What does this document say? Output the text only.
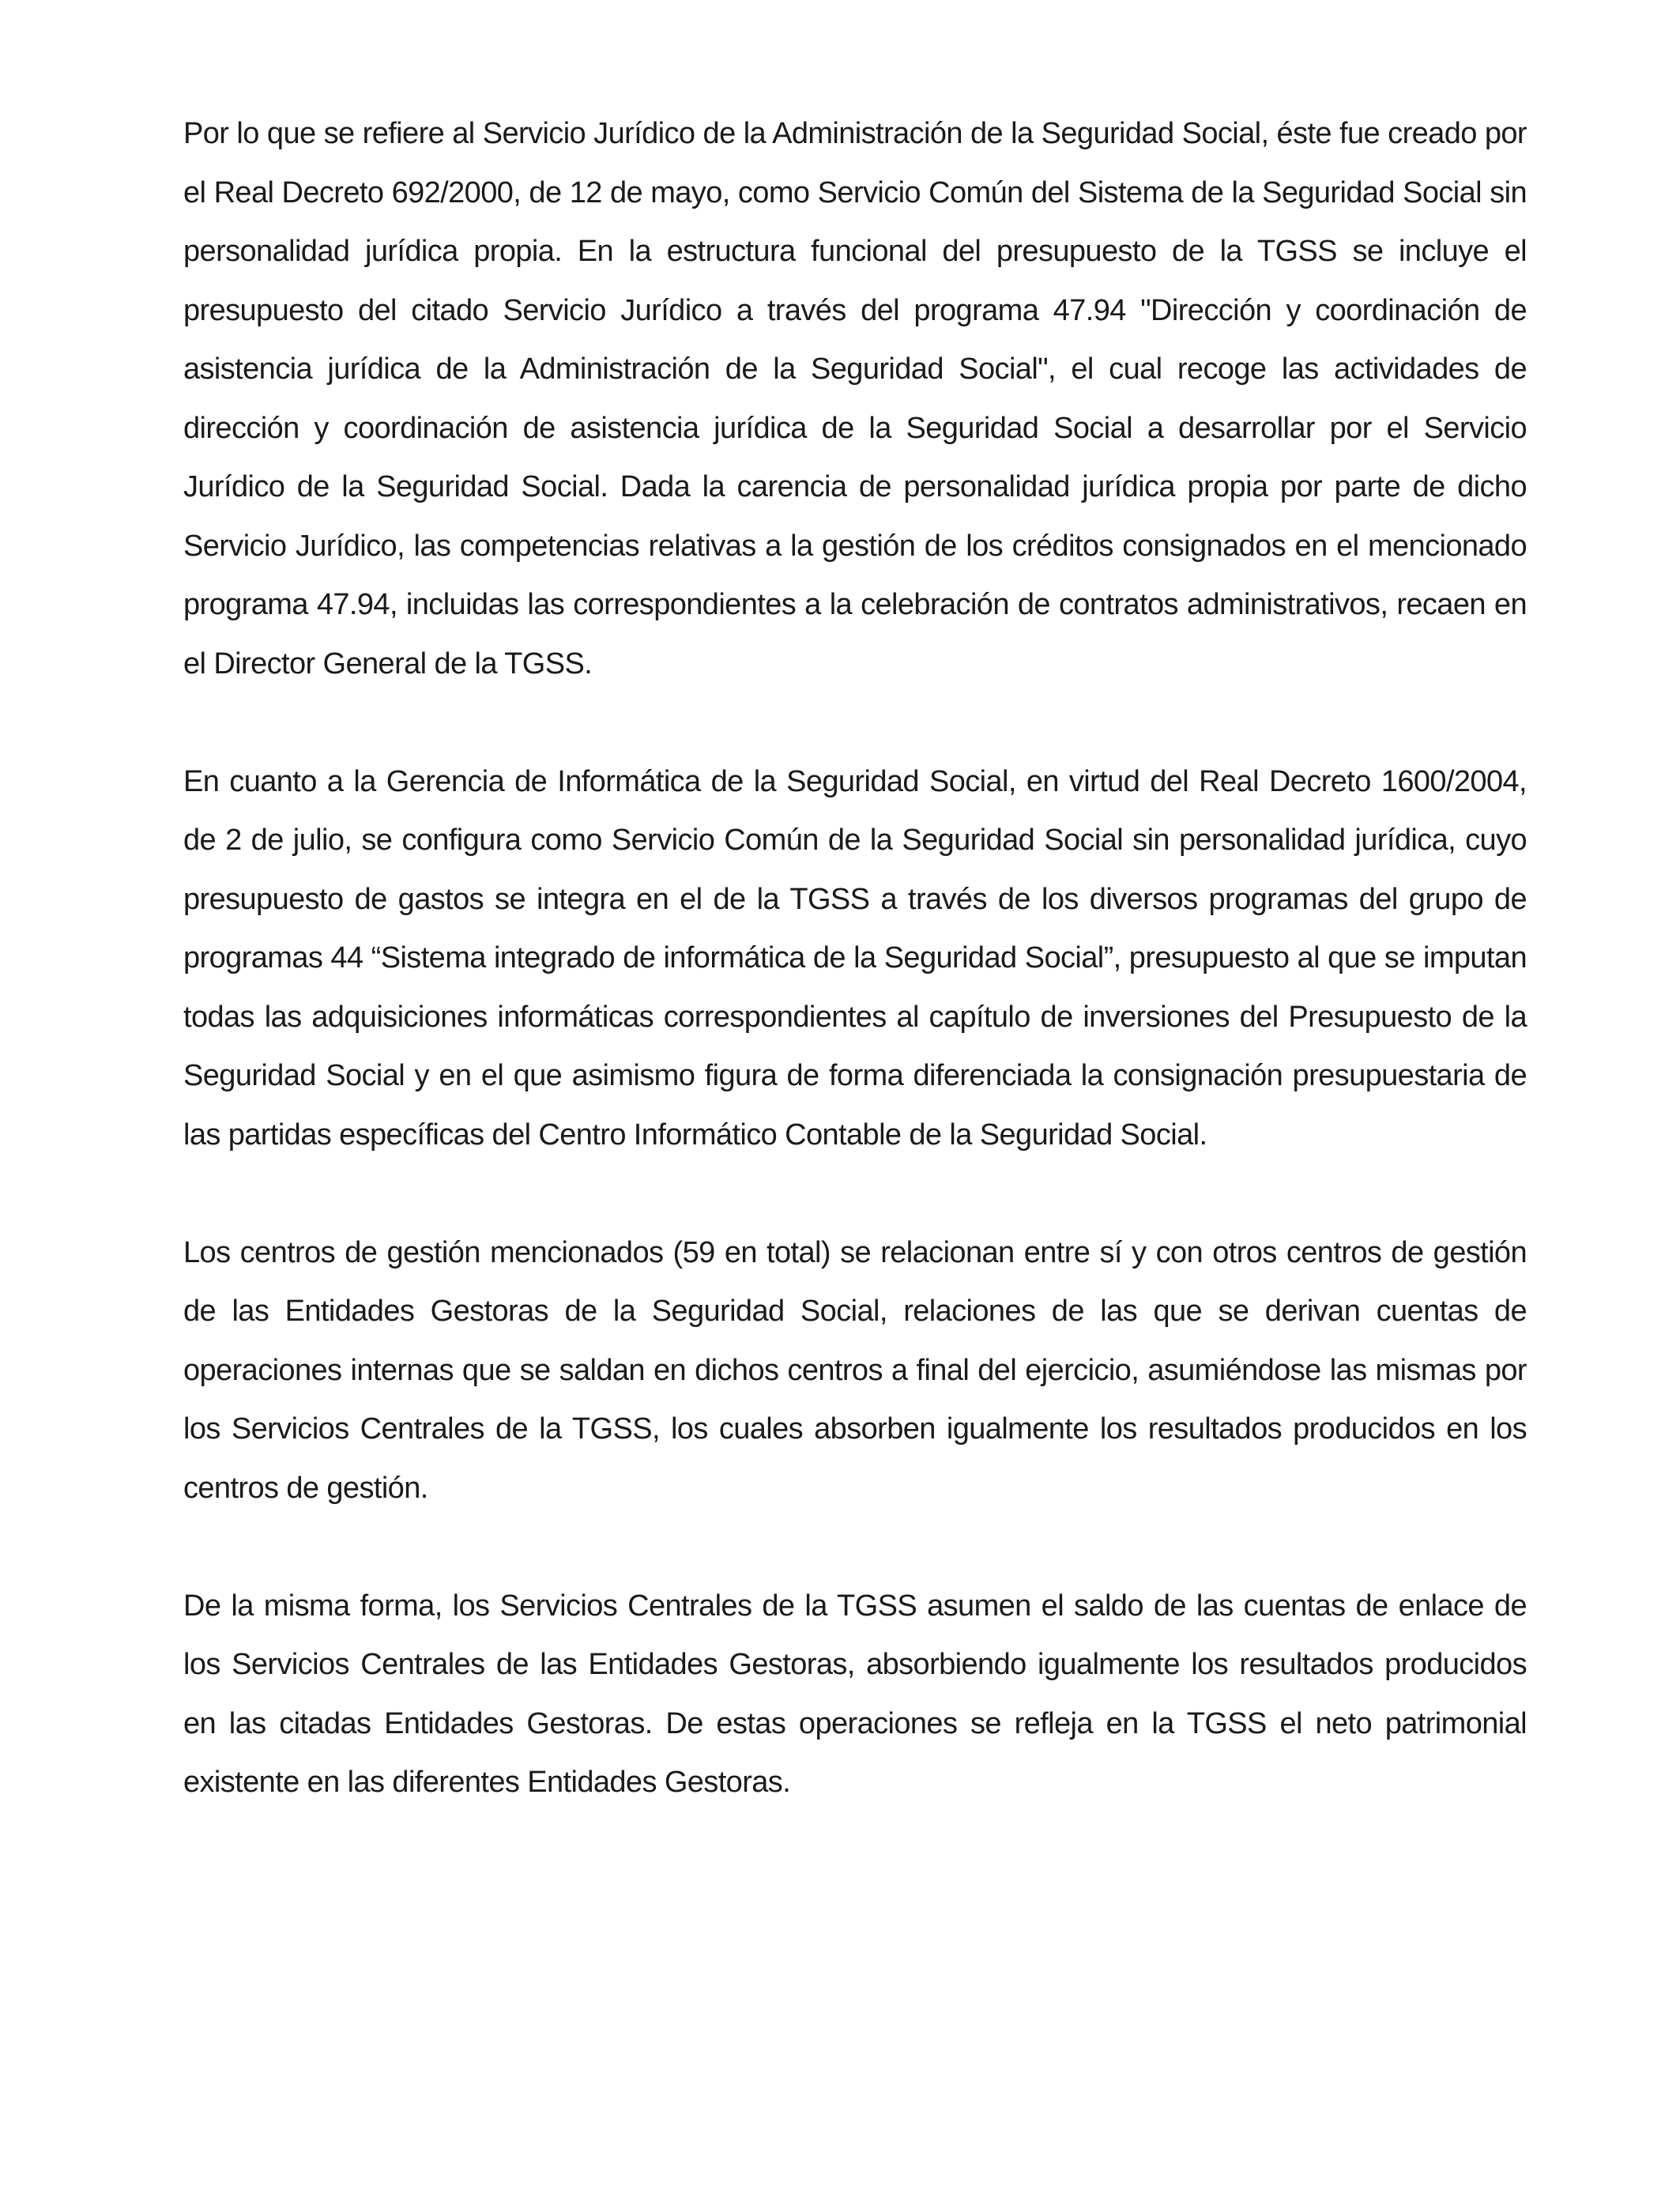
Por lo que se refiere al Servicio Jurídico de la Administración de la Seguridad Social, éste fue creado por el Real Decreto 692/2000, de 12 de mayo, como Servicio Común del Sistema de la Seguridad Social sin personalidad jurídica propia. En la estructura funcional del presupuesto de la TGSS se incluye el presupuesto del citado Servicio Jurídico a través del programa 47.94 "Dirección y coordinación de asistencia jurídica de la Administración de la Seguridad Social", el cual recoge las actividades de dirección y coordinación de asistencia jurídica de la Seguridad Social a desarrollar por el Servicio Jurídico de la Seguridad Social. Dada la carencia de personalidad jurídica propia por parte de dicho Servicio Jurídico, las competencias relativas a la gestión de los créditos consignados en el mencionado programa 47.94, incluidas las correspondientes a la celebración de contratos administrativos, recaen en el Director General de la TGSS.

En cuanto a la Gerencia de Informática de la Seguridad Social, en virtud del Real Decreto 1600/2004, de 2 de julio, se configura como Servicio Común de la Seguridad Social sin personalidad jurídica, cuyo presupuesto de gastos se integra en el de la TGSS a través de los diversos programas del grupo de programas 44 “Sistema integrado de informática de la Seguridad Social”, presupuesto al que se imputan todas las adquisiciones informáticas correspondientes al capítulo de inversiones del Presupuesto de la Seguridad Social y en el que asimismo figura de forma diferenciada la consignación presupuestaria de las partidas específicas del Centro Informático Contable de la Seguridad Social.

Los centros de gestión mencionados (59 en total) se relacionan entre sí y con otros centros de gestión de las Entidades Gestoras de la Seguridad Social, relaciones de las que se derivan cuentas de operaciones internas que se saldan en dichos centros a final del ejercicio, asumiéndose las mismas por los Servicios Centrales de la TGSS, los cuales absorben igualmente los resultados producidos en los centros de gestión.

De la misma forma, los Servicios Centrales de la TGSS asumen el saldo de las cuentas de enlace de los Servicios Centrales de las Entidades Gestoras, absorbiendo igualmente los resultados producidos en las citadas Entidades Gestoras. De estas operaciones se refleja en la TGSS el neto patrimonial existente en las diferentes Entidades Gestoras.
